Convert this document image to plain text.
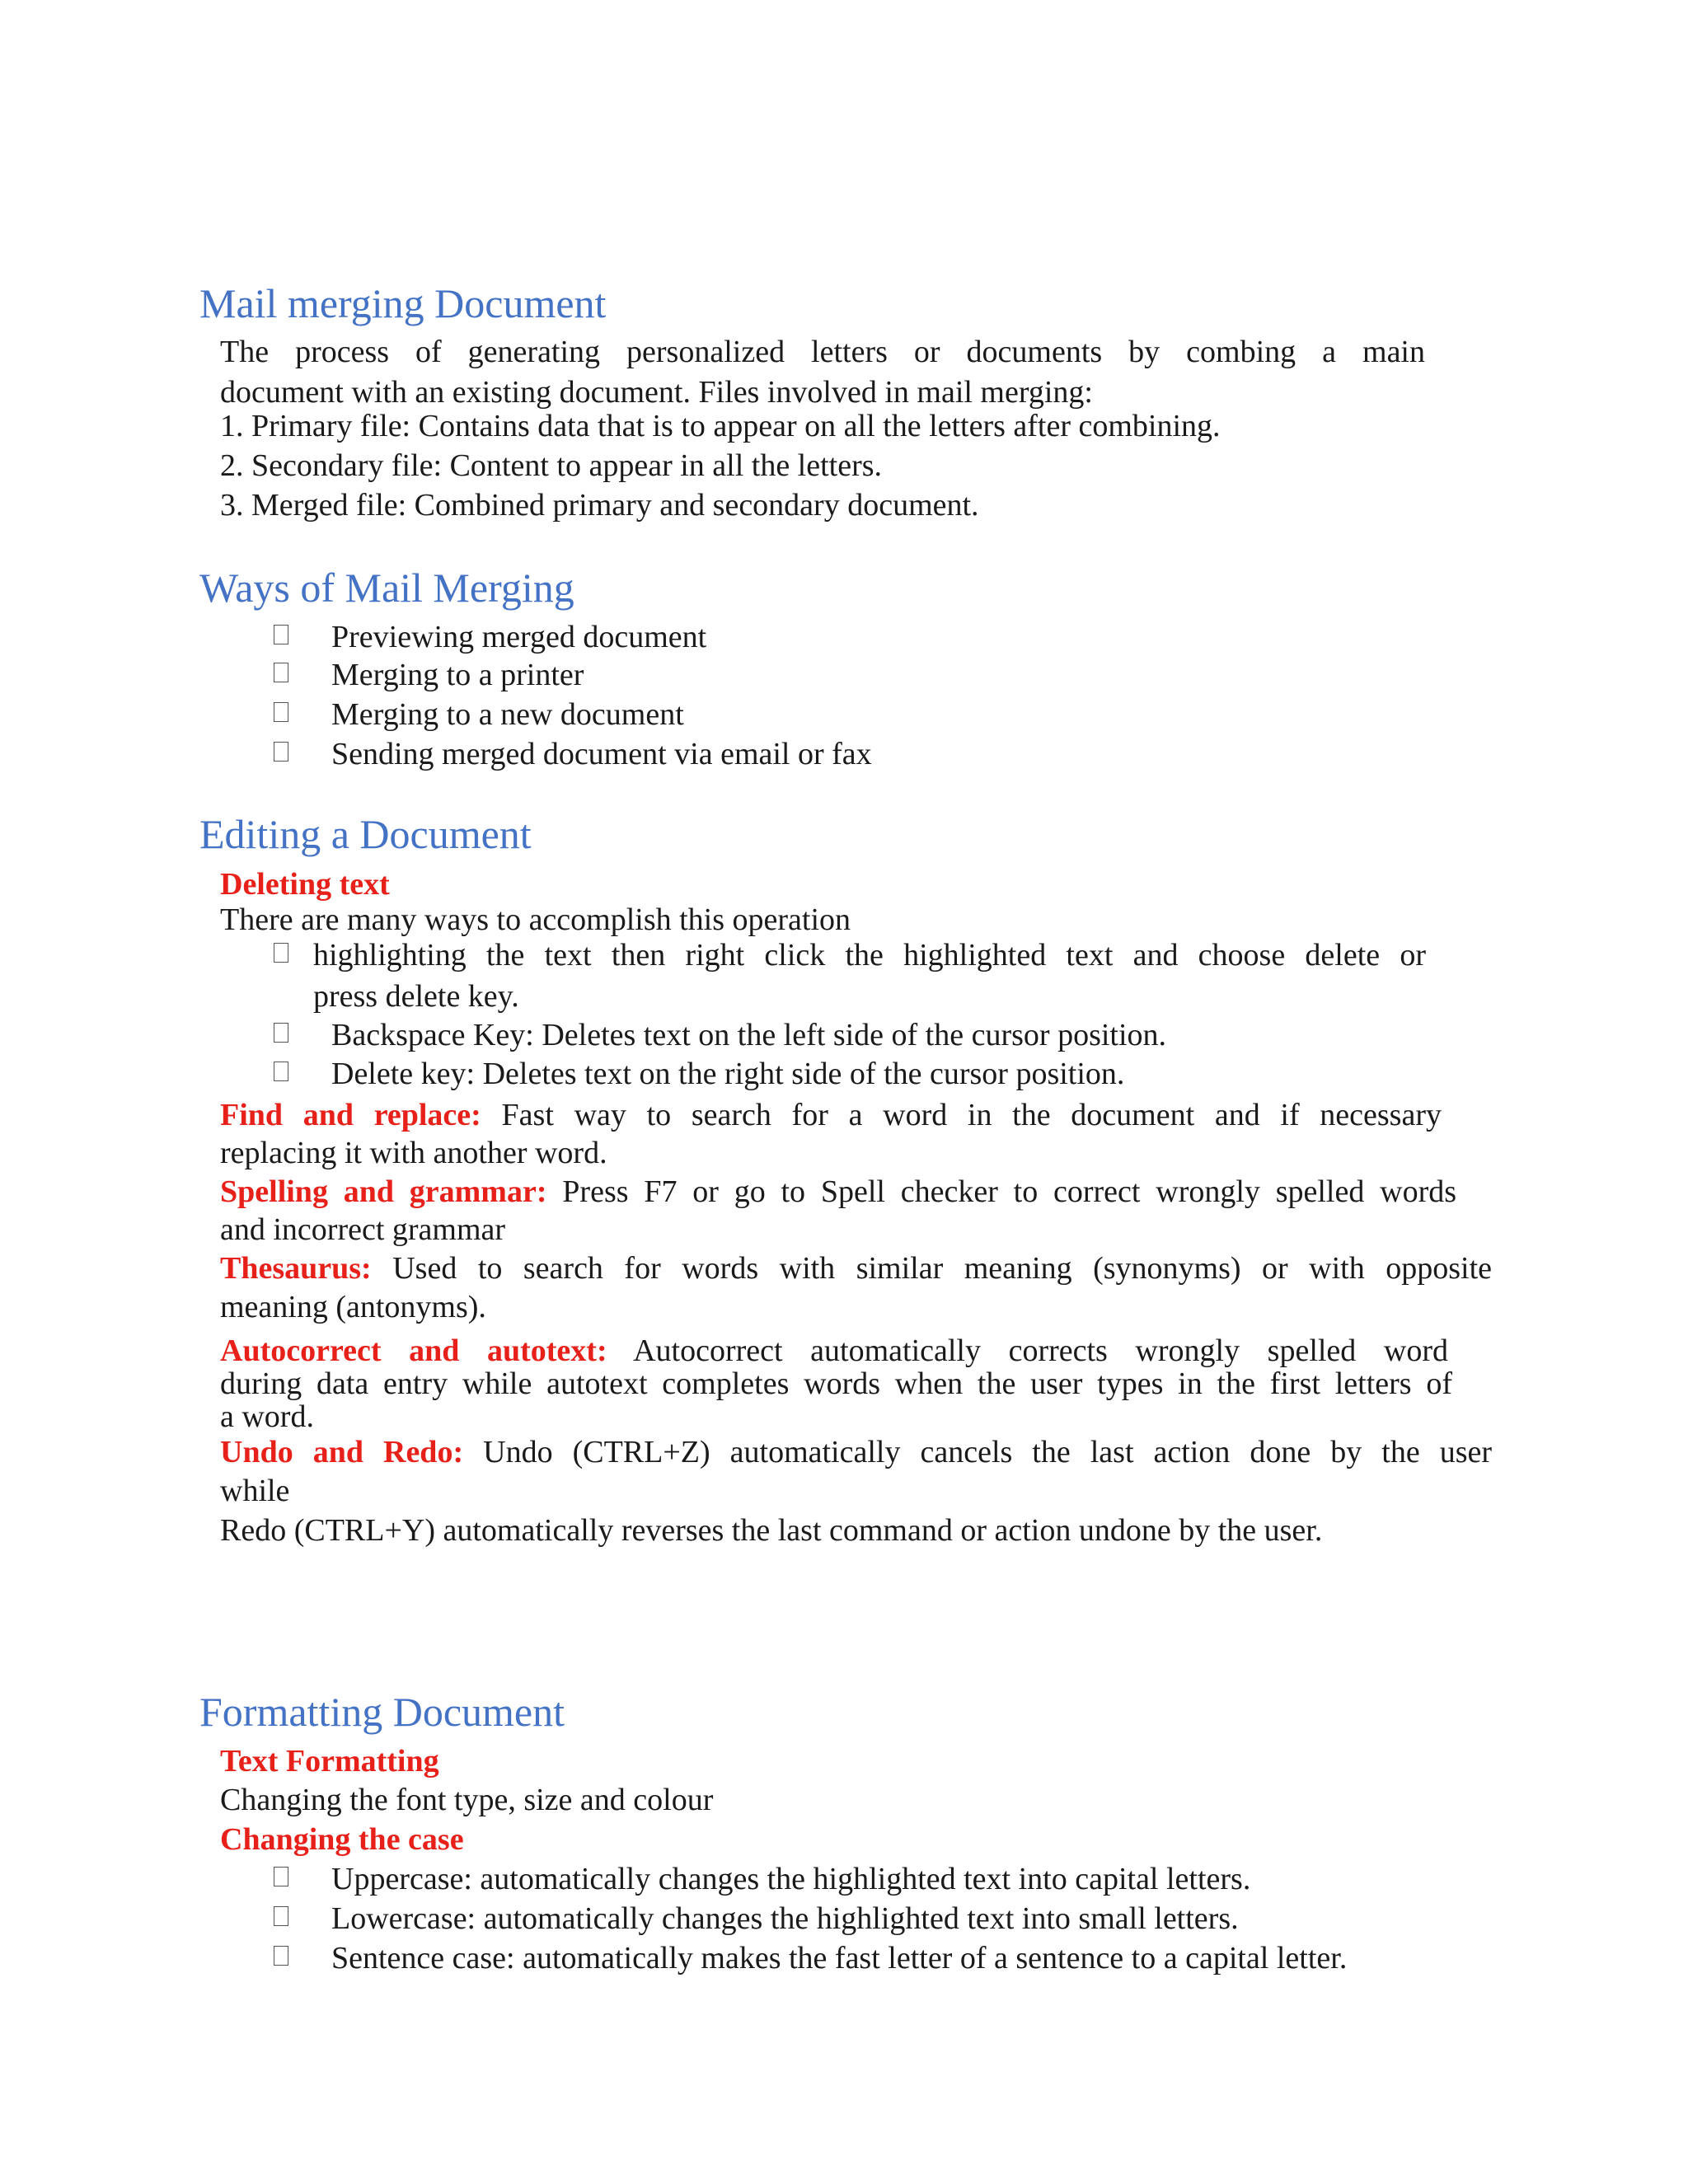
Mail merging Document
The process of generating personalized letters or documents by combing a main
document with an existing document. Files involved in mail merging:
1. Primary file: Contains data that is to appear on all the letters after combining.
2. Secondary file: Content to appear in all the letters.
3. Merged file: Combined primary and secondary document.
Ways of Mail Merging
Previewing merged document
Merging to a printer
Merging to a new document
Sending merged document via email or fax
Editing a Document
Deleting text
There are many ways to accomplish this operation
highlighting the text then right click the highlighted text and choose delete or
press delete key.
Backspace Key: Deletes text on the left side of the cursor position.
Delete key: Deletes text on the right side of the cursor position.
Find and replace: Fast way to search for a word in the document and if necessary
replacing it with another word.
Spelling and grammar: Press F7 or go to Spell checker to correct wrongly spelled words
and incorrect grammar
Thesaurus: Used to search for words with similar meaning (synonyms) or with opposite
meaning (antonyms).
Autocorrect and autotext: Autocorrect automatically corrects wrongly spelled word
during data entry while autotext completes words when the user types in the first letters of
a word.
Undo and Redo: Undo (CTRL+Z) automatically cancels the last action done by the user
while
Redo (CTRL+Y) automatically reverses the last command or action undone by the user.
Formatting Document
Text Formatting
Changing the font type, size and colour
Changing the case
Uppercase: automatically changes the highlighted text into capital letters.
Lowercase: automatically changes the highlighted text into small letters.
Sentence case: automatically makes the fast letter of a sentence to a capital letter.
